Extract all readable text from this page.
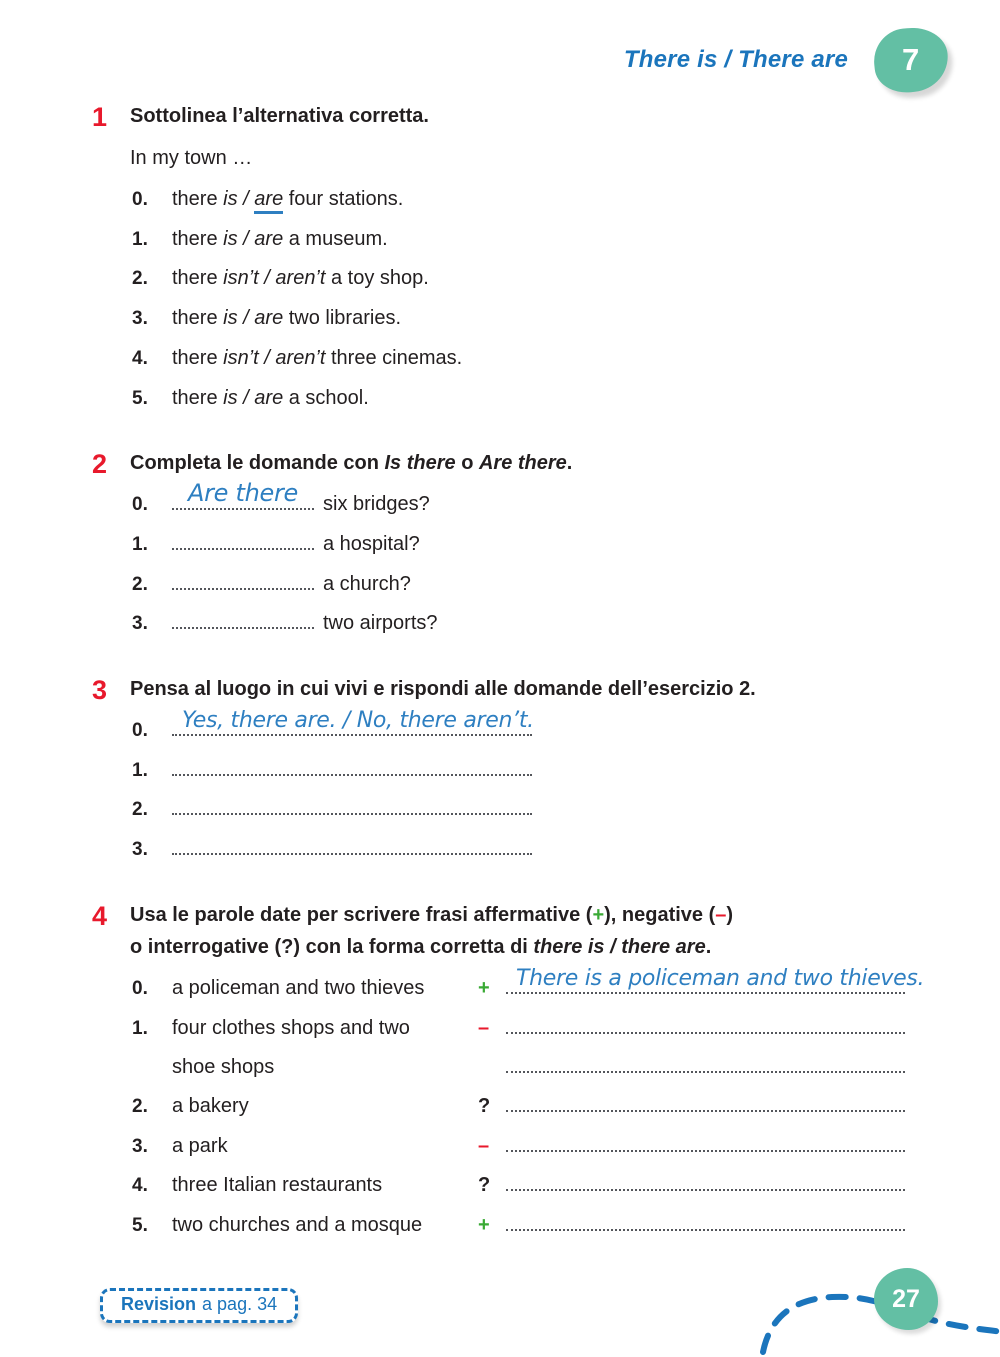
There is / There are 7
1	Sottolinea l’alternativa corretta.
In my town …
0. there is / are four stations.
1. there is / are a museum.
2. there isn’t / aren’t a toy shop.
3. there is / are two libraries.
4. there isn’t / aren’t three cinemas.
5. there is / are a school.
2	Completa le domande con Is there o Are there.
0. Are there six bridges?
1.	a hospital?
2.	a church?
3.	two airports?
3	Pensa al luogo in cui vivi e rispondi alle domande dell’esercizio 2.
0. Yes, there are. / No, there aren’t.
1.
2.
3.
4	Usa le parole date per scrivere frasi affermative (+), negative (–)
o interrogative (?) con la forma corretta di there is / there are.
0. a policeman and two thieves	+ There is a policeman and two thieves.
1. four clothes shops and two	–
shoe shops
2. a bakery	?
3. a park	–
4. three Italian restaurants	?
5. two churches and a mosque	+
Revision a pag. 34	27
